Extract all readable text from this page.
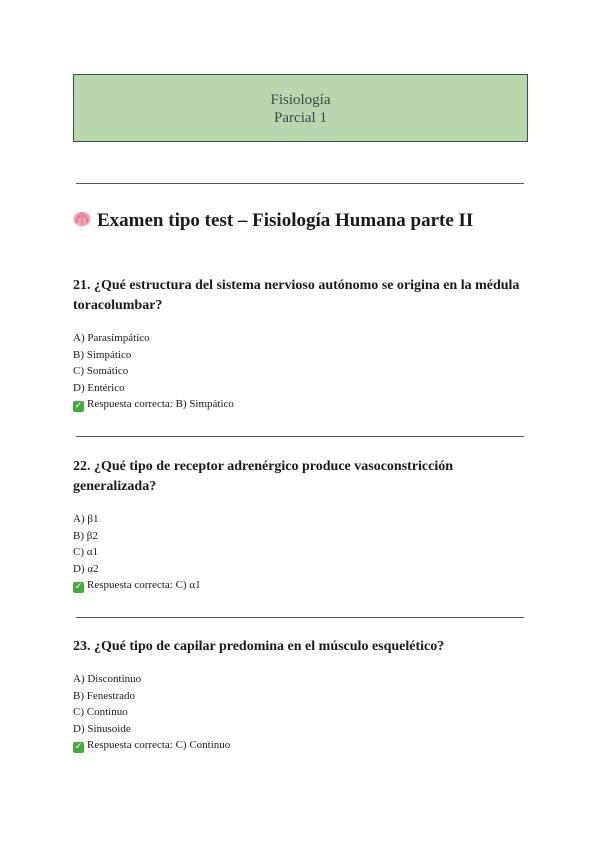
Fisiología
Parcial 1
Examen tipo test – Fisiología Humana parte II

21. ¿Qué estructura del sistema nervioso autónomo se origina en la médula toracolumbar?

A) Parasimpático
B) Simpático
C) Somático
D) Entérico
✓ Respuesta correcta: B) Simpático

22. ¿Qué tipo de receptor adrenérgico produce vasoconstricción generalizada?

A) β1
B) β2
C) α1
D) α2
✓ Respuesta correcta: C) α1

23. ¿Qué tipo de capilar predomina en el músculo esquelético?

A) Discontinuo
B) Fenestrado
C) Continuo
D) Sinusoide
✓ Respuesta correcta: C) Continuo
